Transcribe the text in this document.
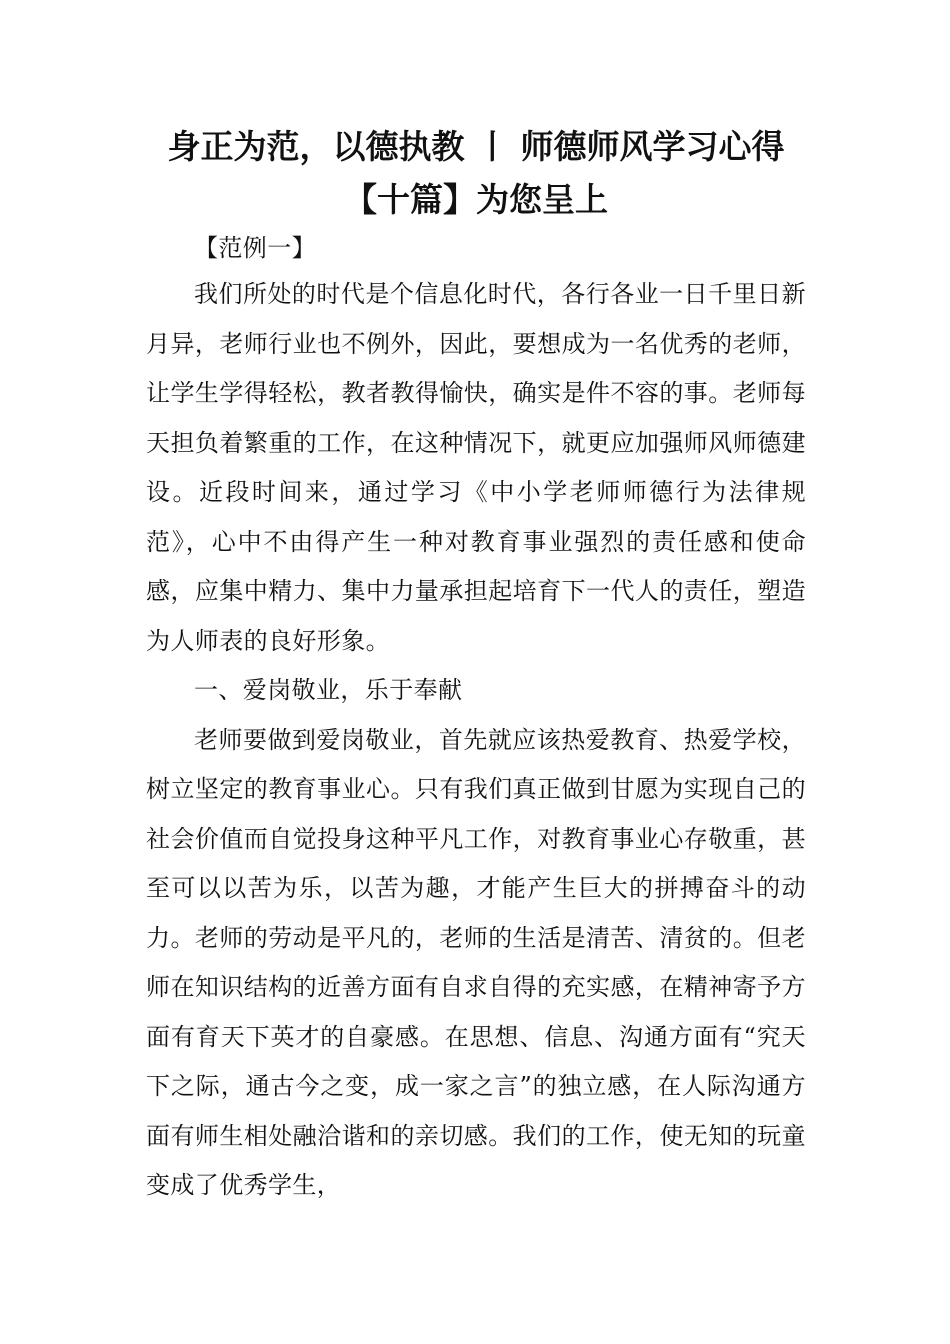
身正为范，以德执教 丨 师德师风学习心得
【十篇】为您呈上

【范例一】

我们所处的时代是个信息化时代，各行各业一日千里日新月异，老师行业也不例外，因此，要想成为一名优秀的老师，让学生学得轻松，教者教得愉快，确实是件不容的事。老师每天担负着繁重的工作，在这种情况下，就更应加强师风师德建设。近段时间来，通过学习《中小学老师师德行为法律规范》，心中不由得产生一种对教育事业强烈的责任感和使命感，应集中精力、集中力量承担起培育下一代人的责任，塑造为人师表的良好形象。

一、爱岗敬业，乐于奉献

老师要做到爱岗敬业，首先就应该热爱教育、热爱学校，树立坚定的教育事业心。只有我们真正做到甘愿为实现自己的社会价值而自觉投身这种平凡工作，对教育事业心存敬重，甚至可以以苦为乐，以苦为趣，才能产生巨大的拼搏奋斗的动力。老师的劳动是平凡的，老师的生活是清苦、清贫的。但老师在知识结构的近善方面有自求自得的充实感，在精神寄予方面有育天下英才的自豪感。在思想、信息、沟通方面有“究天下之际，通古今之变，成一家之言”的独立感，在人际沟通方面有师生相处融洽谐和的亲切感。我们的工作，使无知的玩童变成了优秀学生，
